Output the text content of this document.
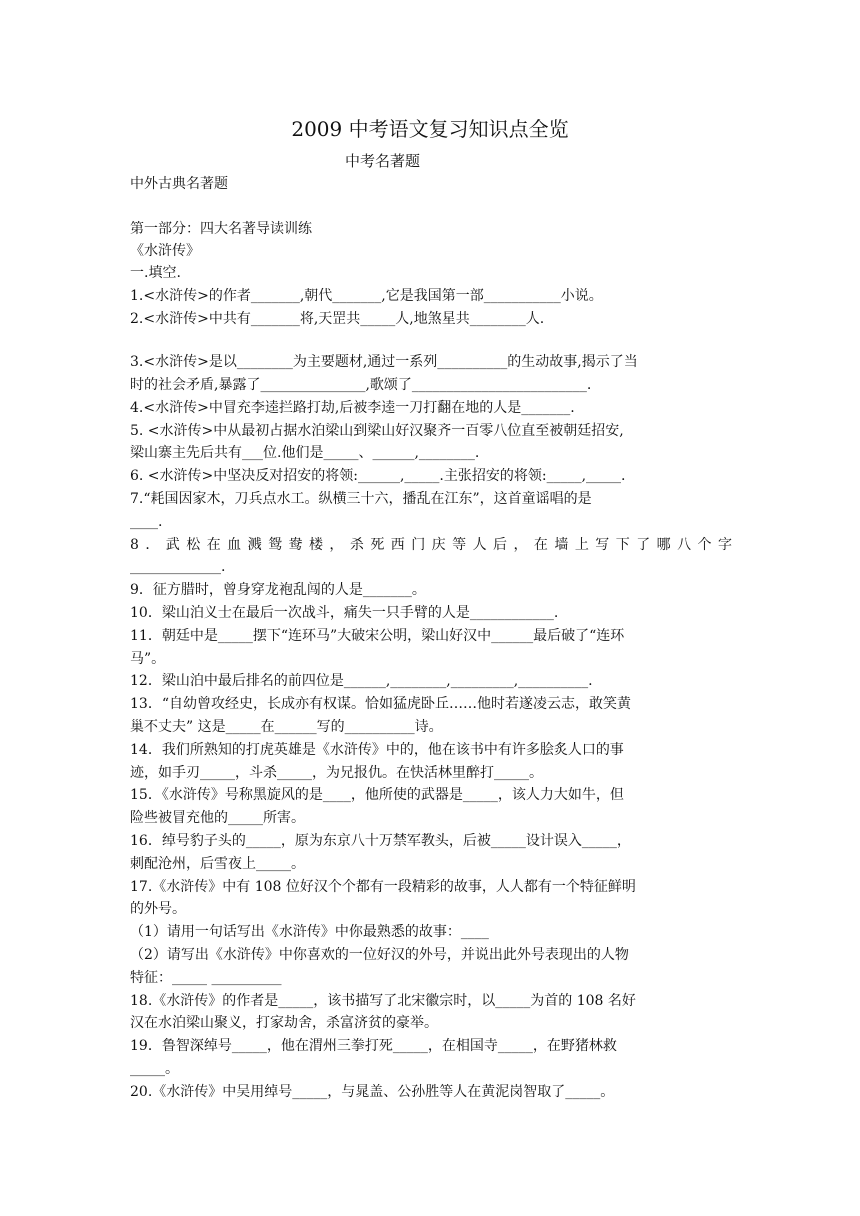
2009 中考语文复习知识点全览
中考名著题
中外古典名著题
第一部分：四大名著导读训练
《水浒传》
一.填空.
1.<水浒传>的作者_______,朝代_______,它是我国第一部___________小说。
2.<水浒传>中共有_______将,天罡共_____人,地煞星共________人.
3.<水浒传>是以________为主要题材,通过一系列__________的生动故事,揭示了当
时的社会矛盾,暴露了_______________,歌颂了_________________________.
4.<水浒传>中冒充李逵拦路打劫,后被李逵一刀打翻在地的人是_______.
5. <水浒传>中从最初占据水泊梁山到梁山好汉聚齐一百零八位直至被朝廷招安,
梁山寨主先后共有___位.他们是_____、______,________.
6. <水浒传>中坚决反对招安的将领:______,_____.主张招安的将领:_____,_____.
7.“耗国因家木，刀兵点水工。纵横三十六，播乱在江东”，这首童谣唱的是
____.
8．武松在血溅鸳鸯楼，杀死西门庆等人后，在墙上写下了哪八个字
_____________.
9．征方腊时，曾身穿龙袍乱闯的人是_______。
10．梁山泊义士在最后一次战斗，痛失一只手臂的人是____________.
11．朝廷中是_____摆下“连环马”大破宋公明，梁山好汉中______最后破了“连环
马”。
12．梁山泊中最后排名的前四位是______,________,_________,__________.
13．“自幼曾攻经史，长成亦有权谋。恰如猛虎卧丘……他时若遂凌云志，敢笑黄
巢不丈夫” 这是_____在______写的__________诗。
14．我们所熟知的打虎英雄是《水浒传》中的，他在该书中有许多脍炙人口的事
迹，如手刃_____，斗杀_____，为兄报仇。在快活林里醉打_____。
15．《水浒传》号称黑旋风的是____，他所使的武器是_____，该人力大如牛，但
险些被冒充他的_____所害。
16．绰号豹子头的_____，原为东京八十万禁军教头，后被_____设计误入_____，
刺配沧州，后雪夜上_____。
17.《水浒传》中有 108 位好汉个个都有一段精彩的故事，人人都有一个特征鲜明
的外号。
（1）请用一句话写出《水浒传》中你最熟悉的故事：____
（2）请写出《水浒传》中你喜欢的一位好汉的外号，并说出此外号表现出的人物
特征：_____ __________
18.《水浒传》的作者是_____，该书描写了北宋徽宗时，以_____为首的 108 名好
汉在水泊梁山聚义，打家劫舍，杀富济贫的豪举。
19．鲁智深绰号_____，他在渭州三拳打死_____，在相国寺_____，在野猪林救
_____。
20.《水浒传》中吴用绰号_____，与晁盖、公孙胜等人在黄泥岗智取了_____。
